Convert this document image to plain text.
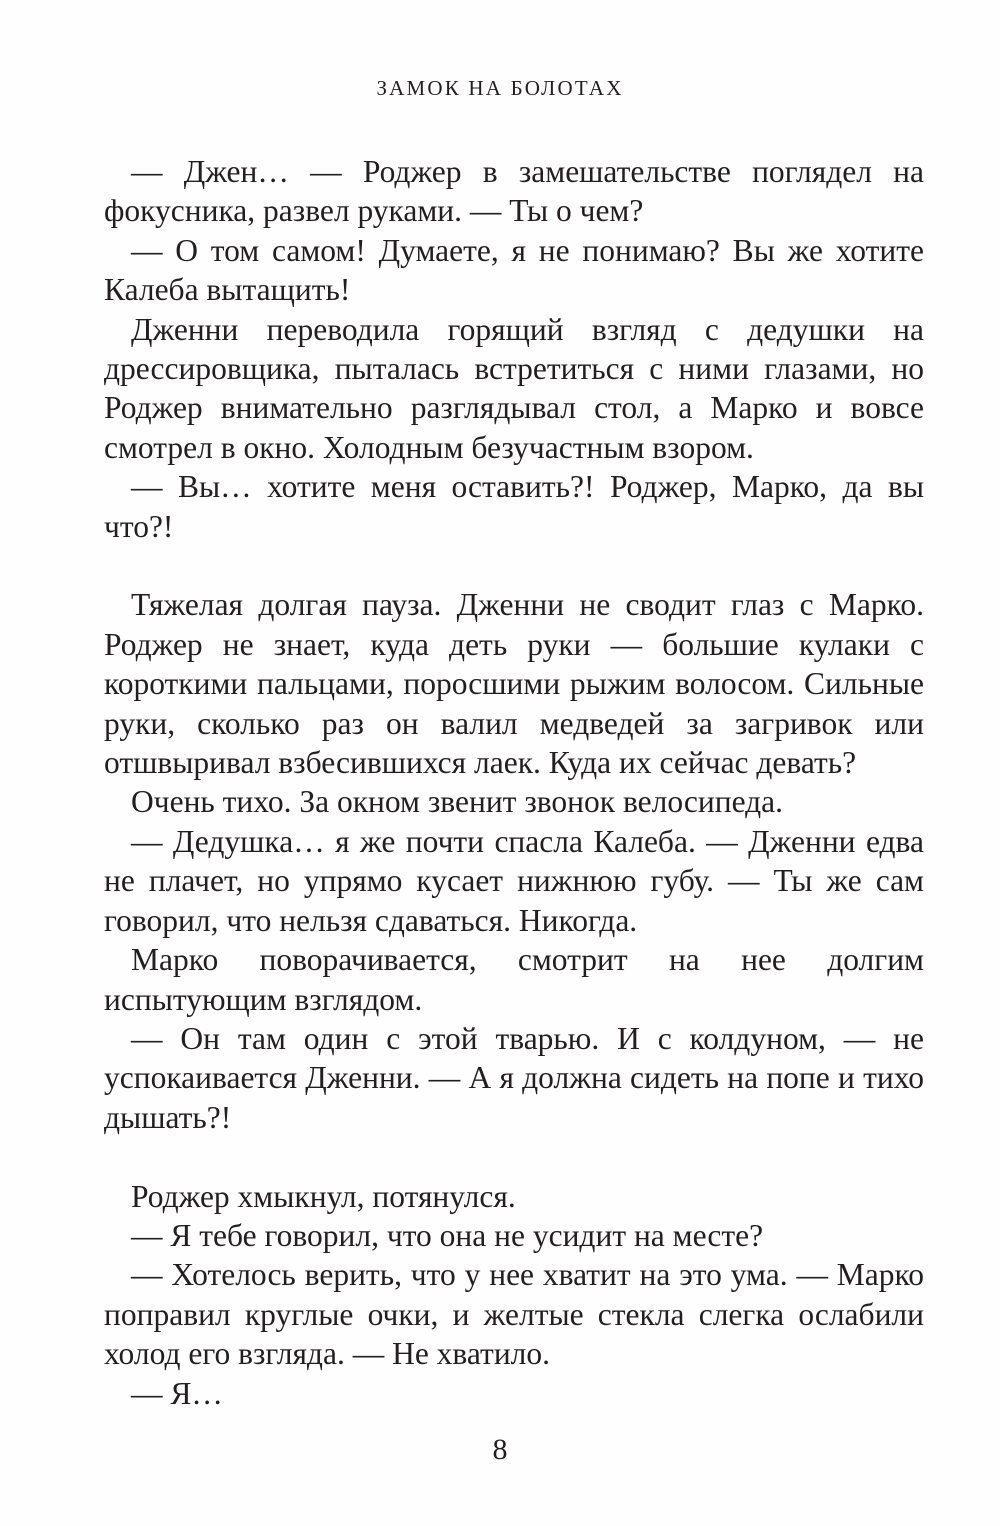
ЗАМОК НА БОЛОТАХ

— Джен… — Роджер в замешательстве поглядел на фокусника, развел руками. — Ты о чем?

— О том самом! Думаете, я не понимаю? Вы же хотите Калеба вытащить!

Дженни переводила горящий взгляд с дедушки на дрессировщика, пыталась встретиться с ними глазами, но Роджер внимательно разглядывал стол, а Марко и вовсе смотрел в окно. Холодным безучастным взором.

— Вы… хотите меня оставить?! Роджер, Марко, да вы что?!

Тяжелая долгая пауза. Дженни не сводит глаз с Марко. Роджер не знает, куда деть руки — большие кулаки с короткими пальцами, поросшими рыжим волосом. Сильные руки, сколько раз он валил медведей за загривок или отшвыривал взбесившихся лаек. Куда их сейчас девать?

Очень тихо. За окном звенит звонок велосипеда.

— Дедушка… я же почти спасла Калеба. — Дженни едва не плачет, но упрямо кусает нижнюю губу. — Ты же сам говорил, что нельзя сдаваться. Никогда.

Марко поворачивается, смотрит на нее долгим испытующим взглядом.

— Он там один с этой тварью. И с колдуном, — не успокаивается Дженни. — А я должна сидеть на попе и тихо дышать?!

Роджер хмыкнул, потянулся.

— Я тебе говорил, что она не усидит на месте?

— Хотелось верить, что у нее хватит на это ума. — Марко поправил круглые очки, и желтые стекла слегка ослабили холод его взгляда. — Не хватило.

— Я…

8
